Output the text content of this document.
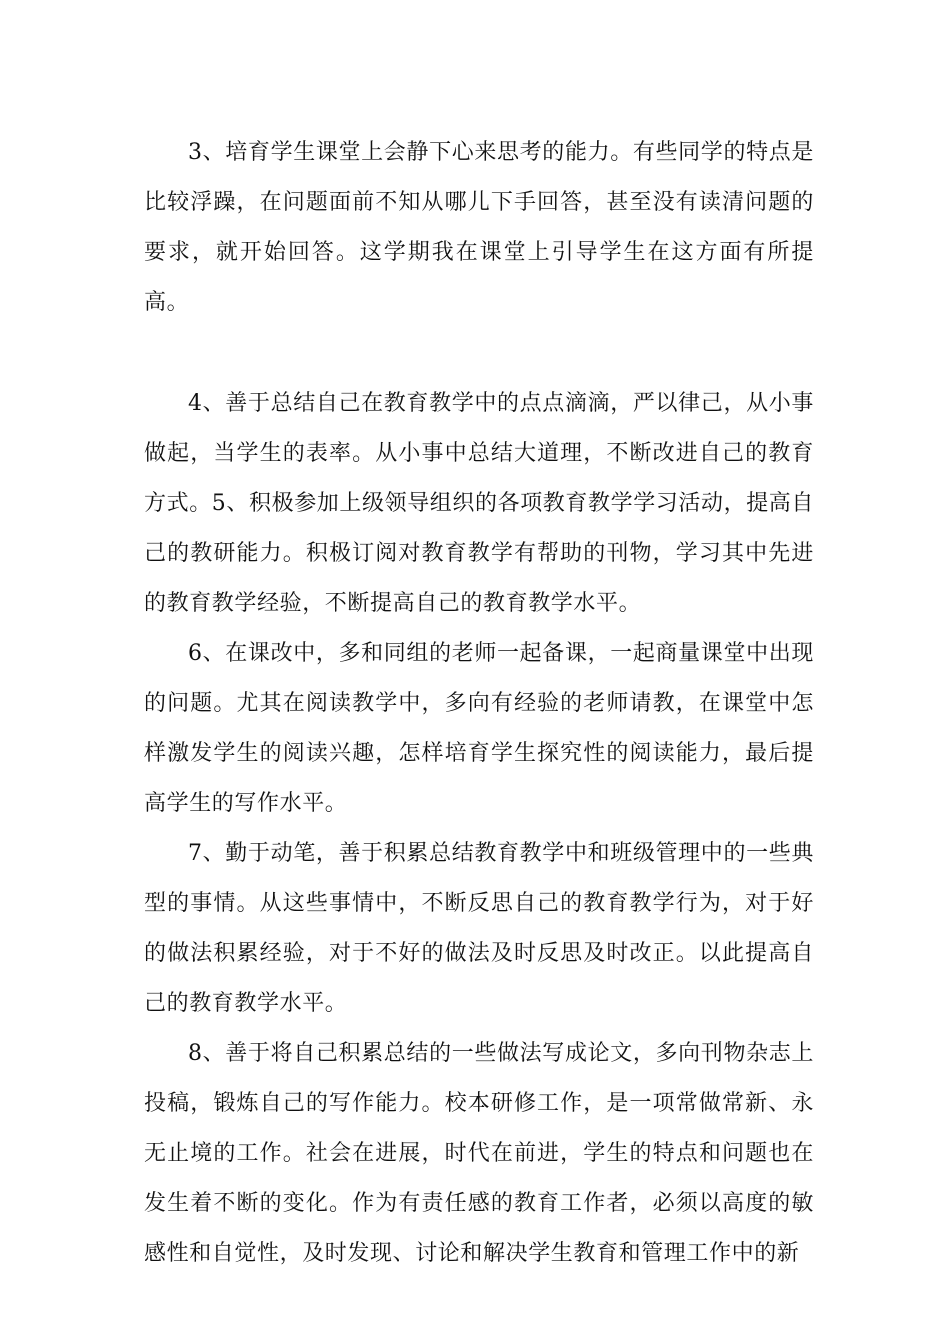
3、培育学生课堂上会静下心来思考的能力。有些同学的特点是比较浮躁，在问题面前不知从哪儿下手回答，甚至没有读清问题的要求，就开始回答。这学期我在课堂上引导学生在这方面有所提高。

4、善于总结自己在教育教学中的点点滴滴，严以律己，从小事做起，当学生的表率。从小事中总结大道理，不断改进自己的教育方式。5、积极参加上级领导组织的各项教育教学学习活动，提高自己的教研能力。积极订阅对教育教学有帮助的刊物，学习其中先进的教育教学经验，不断提高自己的教育教学水平。

6、在课改中，多和同组的老师一起备课，一起商量课堂中出现的问题。尤其在阅读教学中，多向有经验的老师请教，在课堂中怎样激发学生的阅读兴趣，怎样培育学生探究性的阅读能力，最后提高学生的写作水平。

7、勤于动笔，善于积累总结教育教学中和班级管理中的一些典型的事情。从这些事情中，不断反思自己的教育教学行为，对于好的做法积累经验，对于不好的做法及时反思及时改正。以此提高自己的教育教学水平。

8、善于将自己积累总结的一些做法写成论文，多向刊物杂志上投稿，锻炼自己的写作能力。校本研修工作，是一项常做常新、永无止境的工作。社会在进展，时代在前进，学生的特点和问题也在发生着不断的变化。作为有责任感的教育工作者，必须以高度的敏感性和自觉性，及时发现、讨论和解决学生教育和管理工作中的新
